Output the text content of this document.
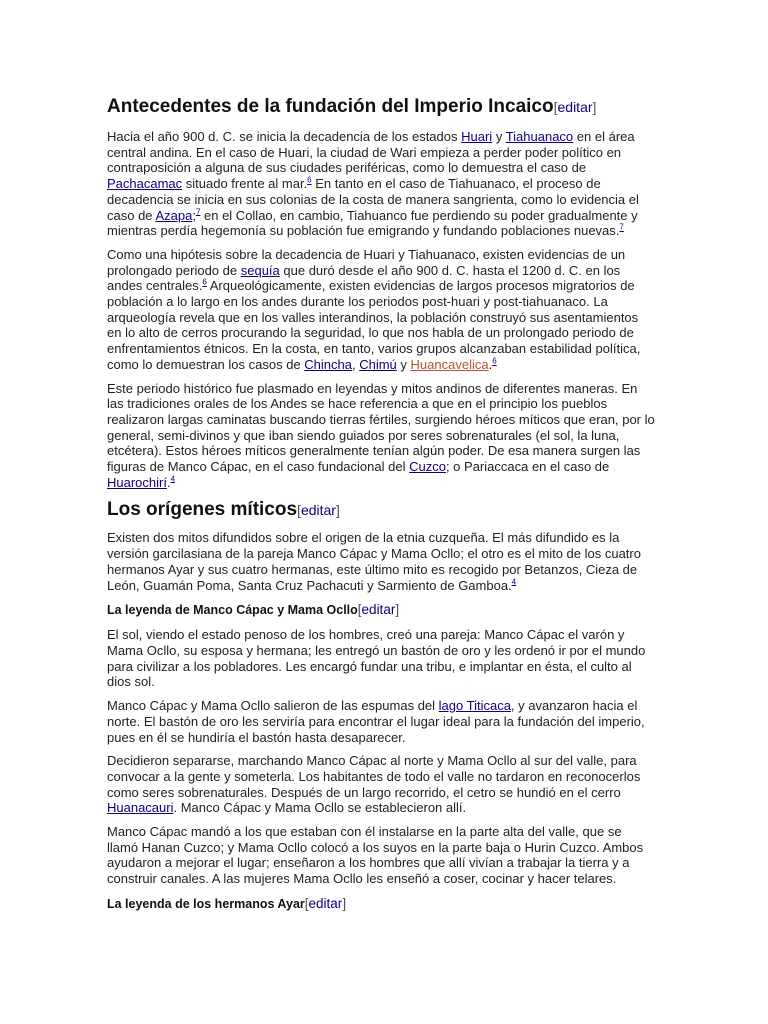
Antecedentes de la fundación del Imperio Incaico[editar]

Hacia el año 900 d. C. se inicia la decadencia de los estados Huari y Tiahuanaco en el área central andina. En el caso de Huari, la ciudad de Wari empieza a perder poder político en contraposición a alguna de sus ciudades periféricas, como lo demuestra el caso de Pachacamac situado frente al mar.$^6$ En tanto en el caso de Tiahuanaco, el proceso de decadencia se inicia en sus colonias de la costa de manera sangrienta, como lo evidencia el caso de Azapa;$^7$ en el Collao, en cambio, Tiahuanco fue perdiendo su poder gradualmente y mientras perdía hegemonía su población fue emigrando y fundando poblaciones nuevas.$^7$

Como una hipótesis sobre la decadencia de Huari y Tiahuanaco, existen evidencias de un prolongado periodo de sequía que duró desde el año 900 d. C. hasta el 1200 d. C. en los andes centrales.$^6$ Arqueológicamente, existen evidencias de largos procesos migratorios de población a lo largo en los andes durante los periodos post-huari y post-tiahuanaco. La arqueología revela que en los valles interandinos, la población construyó sus asentamientos en lo alto de cerros procurando la seguridad, lo que nos habla de un prolongado periodo de enfrentamientos étnicos. En la costa, en tanto, varios grupos alcanzaban estabilidad política, como lo demuestran los casos de Chincha, Chimú y Huancavelica.$^6$

Este periodo histórico fue plasmado en leyendas y mitos andinos de diferentes maneras. En las tradiciones orales de los Andes se hace referencia a que en el principio los pueblos realizaron largas caminatas buscando tierras fértiles, surgiendo héroes míticos que eran, por lo general, semi-divinos y que iban siendo guiados por seres sobrenaturales (el sol, la luna, etcétera). Estos héroes míticos generalmente tenían algún poder. De esa manera surgen las figuras de Manco Cápac, en el caso fundacional del Cuzco; o Pariaccaca en el caso de Huarochirí.$^4$

Los orígenes míticos[editar]

Existen dos mitos difundidos sobre el origen de la etnia cuzqueña. El más difundido es la versión garcilasiana de la pareja Manco Cápac y Mama Ocllo; el otro es el mito de los cuatro hermanos Ayar y sus cuatro hermanas, este último mito es recogido por Betanzos, Cieza de León, Guamán Poma, Santa Cruz Pachacuti y Sarmiento de Gamboa.$^4$

La leyenda de Manco Cápac y Mama Ocllo[editar]

El sol, viendo el estado penoso de los hombres, creó una pareja: Manco Cápac el varón y Mama Ocllo, su esposa y hermana; les entregó un bastón de oro y les ordenó ir por el mundo para civilizar a los pobladores. Les encargó fundar una tribu, e implantar en ésta, el culto al dios sol.

Manco Cápac y Mama Ocllo salieron de las espumas del lago Titicaca, y avanzaron hacia el norte. El bastón de oro les serviría para encontrar el lugar ideal para la fundación del imperio, pues en él se hundiría el bastón hasta desaparecer.

Decidieron separarse, marchando Manco Cápac al norte y Mama Ocllo al sur del valle, para convocar a la gente y someterla. Los habitantes de todo el valle no tardaron en reconocerlos como seres sobrenaturales. Después de un largo recorrido, el cetro se hundió en el cerro Huanacauri. Manco Cápac y Mama Ocllo se establecieron allí.

Manco Cápac mandó a los que estaban con él instalarse en la parte alta del valle, que se llamó Hanan Cuzco; y Mama Ocllo colocó a los suyos en la parte baja o Hurin Cuzco. Ambos ayudaron a mejorar el lugar; enseñaron a los hombres que allí vivían a trabajar la tierra y a construir canales. A las mujeres Mama Ocllo les enseñó a coser, cocinar y hacer telares.

La leyenda de los hermanos Ayar[editar]
